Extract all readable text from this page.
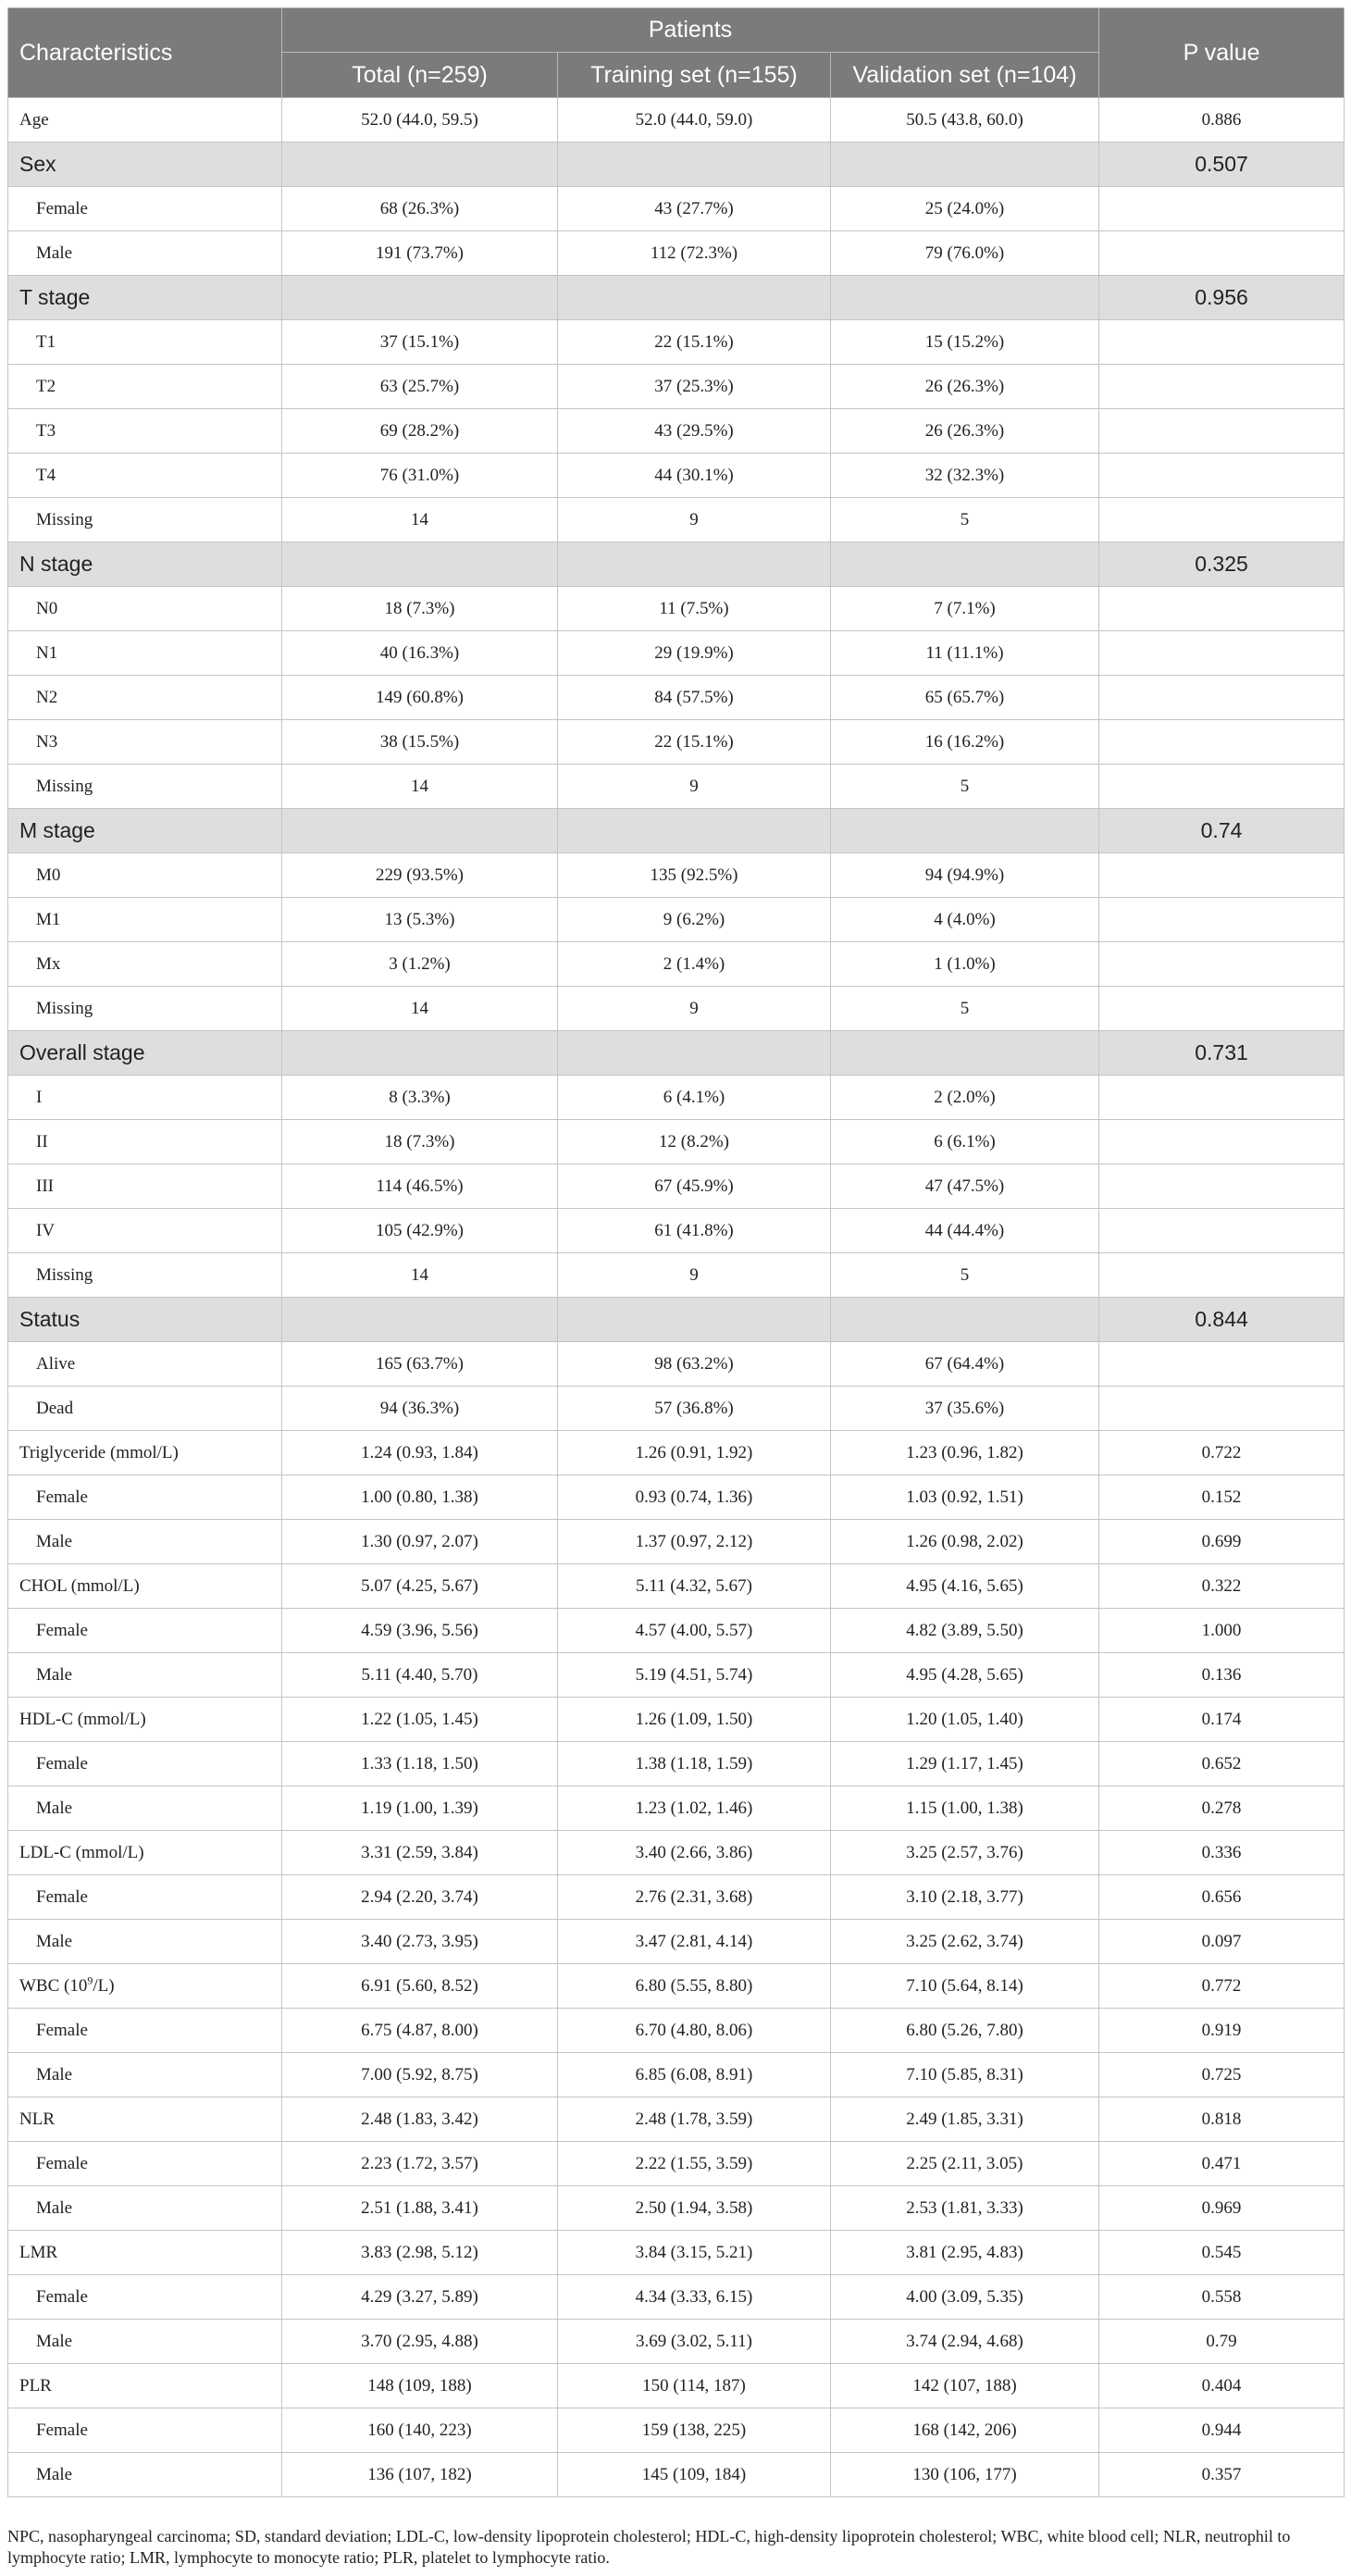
Characteristics	Patients			P value
	Total (n=259)	Training set (n=155)	Validation set (n=104)	
Age	52.0 (44.0, 59.5)	52.0 (44.0, 59.0)	50.5 (43.8, 60.0)	0.886
Sex				0.507
Female	68 (26.3%)	43 (27.7%)	25 (24.0%)	
Male	191 (73.7%)	112 (72.3%)	79 (76.0%)	
T stage				0.956
T1	37 (15.1%)	22 (15.1%)	15 (15.2%)	
T2	63 (25.7%)	37 (25.3%)	26 (26.3%)	
T3	69 (28.2%)	43 (29.5%)	26 (26.3%)	
T4	76 (31.0%)	44 (30.1%)	32 (32.3%)	
Missing	14	9	5	
N stage				0.325
N0	18 (7.3%)	11 (7.5%)	7 (7.1%)	
N1	40 (16.3%)	29 (19.9%)	11 (11.1%)	
N2	149 (60.8%)	84 (57.5%)	65 (65.7%)	
N3	38 (15.5%)	22 (15.1%)	16 (16.2%)	
Missing	14	9	5	
M stage				0.74
M0	229 (93.5%)	135 (92.5%)	94 (94.9%)	
M1	13 (5.3%)	9 (6.2%)	4 (4.0%)	
Mx	3 (1.2%)	2 (1.4%)	1 (1.0%)	
Missing	14	9	5	
Overall stage				0.731
I	8 (3.3%)	6 (4.1%)	2 (2.0%)	
II	18 (7.3%)	12 (8.2%)	6 (6.1%)	
III	114 (46.5%)	67 (45.9%)	47 (47.5%)	
IV	105 (42.9%)	61 (41.8%)	44 (44.4%)	
Missing	14	9	5	
Status				0.844
Alive	165 (63.7%)	98 (63.2%)	67 (64.4%)	
Dead	94 (36.3%)	57 (36.8%)	37 (35.6%)	
Triglyceride (mmol/L)	1.24 (0.93, 1.84)	1.26 (0.91, 1.92)	1.23 (0.96, 1.82)	0.722
Female	1.00 (0.80, 1.38)	0.93 (0.74, 1.36)	1.03 (0.92, 1.51)	0.152
Male	1.30 (0.97, 2.07)	1.37 (0.97, 2.12)	1.26 (0.98, 2.02)	0.699
CHOL (mmol/L)	5.07 (4.25, 5.67)	5.11 (4.32, 5.67)	4.95 (4.16, 5.65)	0.322
Female	4.59 (3.96, 5.56)	4.57 (4.00, 5.57)	4.82 (3.89, 5.50)	1.000
Male	5.11 (4.40, 5.70)	5.19 (4.51, 5.74)	4.95 (4.28, 5.65)	0.136
HDL-C (mmol/L)	1.22 (1.05, 1.45)	1.26 (1.09, 1.50)	1.20 (1.05, 1.40)	0.174
Female	1.33 (1.18, 1.50)	1.38 (1.18, 1.59)	1.29 (1.17, 1.45)	0.652
Male	1.19 (1.00, 1.39)	1.23 (1.02, 1.46)	1.15 (1.00, 1.38)	0.278
LDL-C (mmol/L)	3.31 (2.59, 3.84)	3.40 (2.66, 3.86)	3.25 (2.57, 3.76)	0.336
Female	2.94 (2.20, 3.74)	2.76 (2.31, 3.68)	3.10 (2.18, 3.77)	0.656
Male	3.40 (2.73, 3.95)	3.47 (2.81, 4.14)	3.25 (2.62, 3.74)	0.097
WBC $(10^9/L)$	6.91 (5.60, 8.52)	6.80 (5.55, 8.80)	7.10 (5.64, 8.14)	0.772
Female	6.75 (4.87, 8.00)	6.70 (4.80, 8.06)	6.80 (5.26, 7.80)	0.919
Male	7.00 (5.92, 8.75)	6.85 (6.08, 8.91)	7.10 (5.85, 8.31)	0.725
NLR	2.48 (1.83, 3.42)	2.48 (1.78, 3.59)	2.49 (1.85, 3.31)	0.818
Female	2.23 (1.72, 3.57)	2.22 (1.55, 3.59)	2.25 (2.11, 3.05)	0.471
Male	2.51 (1.88, 3.41)	2.50 (1.94, 3.58)	2.53 (1.81, 3.33)	0.969
LMR	3.83 (2.98, 5.12)	3.84 (3.15, 5.21)	3.81 (2.95, 4.83)	0.545
Female	4.29 (3.27, 5.89)	4.34 (3.33, 6.15)	4.00 (3.09, 5.35)	0.558
Male	3.70 (2.95, 4.88)	3.69 (3.02, 5.11)	3.74 (2.94, 4.68)	0.79
PLR	148 (109, 188)	150 (114, 187)	142 (107, 188)	0.404
Female	160 (140, 223)	159 (138, 225)	168 (142, 206)	0.944
Male	136 (107, 182)	145 (109, 184)	130 (106, 177)	0.357

NPC, nasopharyngeal carcinoma; SD, standard deviation; LDL-C, low-density lipoprotein cholesterol; HDL-C, high-density lipoprotein cholesterol; WBC, white blood cell; NLR, neutrophil to lymphocyte ratio; LMR, lymphocyte to monocyte ratio; PLR, platelet to lymphocyte ratio.
